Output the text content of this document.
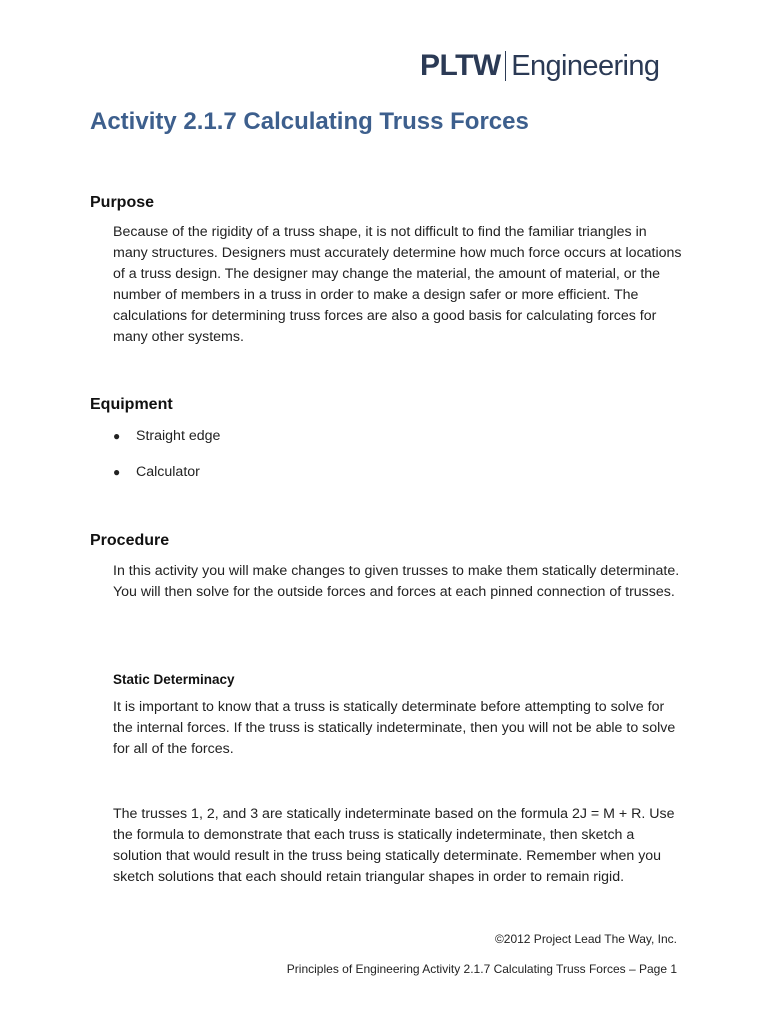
PLTW Engineering
Activity 2.1.7 Calculating Truss Forces
Purpose

Because of the rigidity of a truss shape, it is not difficult to find the familiar triangles in many structures. Designers must accurately determine how much force occurs at locations of a truss design. The designer may change the material, the amount of material, or the number of members in a truss in order to make a design safer or more efficient. The calculations for determining truss forces are also a good basis for calculating forces for many other systems.

Equipment
●	Straight edge
●	Calculator
Procedure

In this activity you will make changes to given trusses to make them statically determinate. You will then solve for the outside forces and forces at each pinned connection of trusses.

Static Determinacy

It is important to know that a truss is statically determinate before attempting to solve for the internal forces. If the truss is statically indeterminate, then you will not be able to solve for all of the forces.

The trusses 1, 2, and 3 are statically indeterminate based on the formula 2J = M + R. Use the formula to demonstrate that each truss is statically indeterminate, then sketch a solution that would result in the truss being statically determinate. Remember when you sketch solutions that each should retain triangular shapes in order to remain rigid.

©2012 Project Lead The Way, Inc.
Principles of Engineering Activity 2.1.7 Calculating Truss Forces – Page 1
